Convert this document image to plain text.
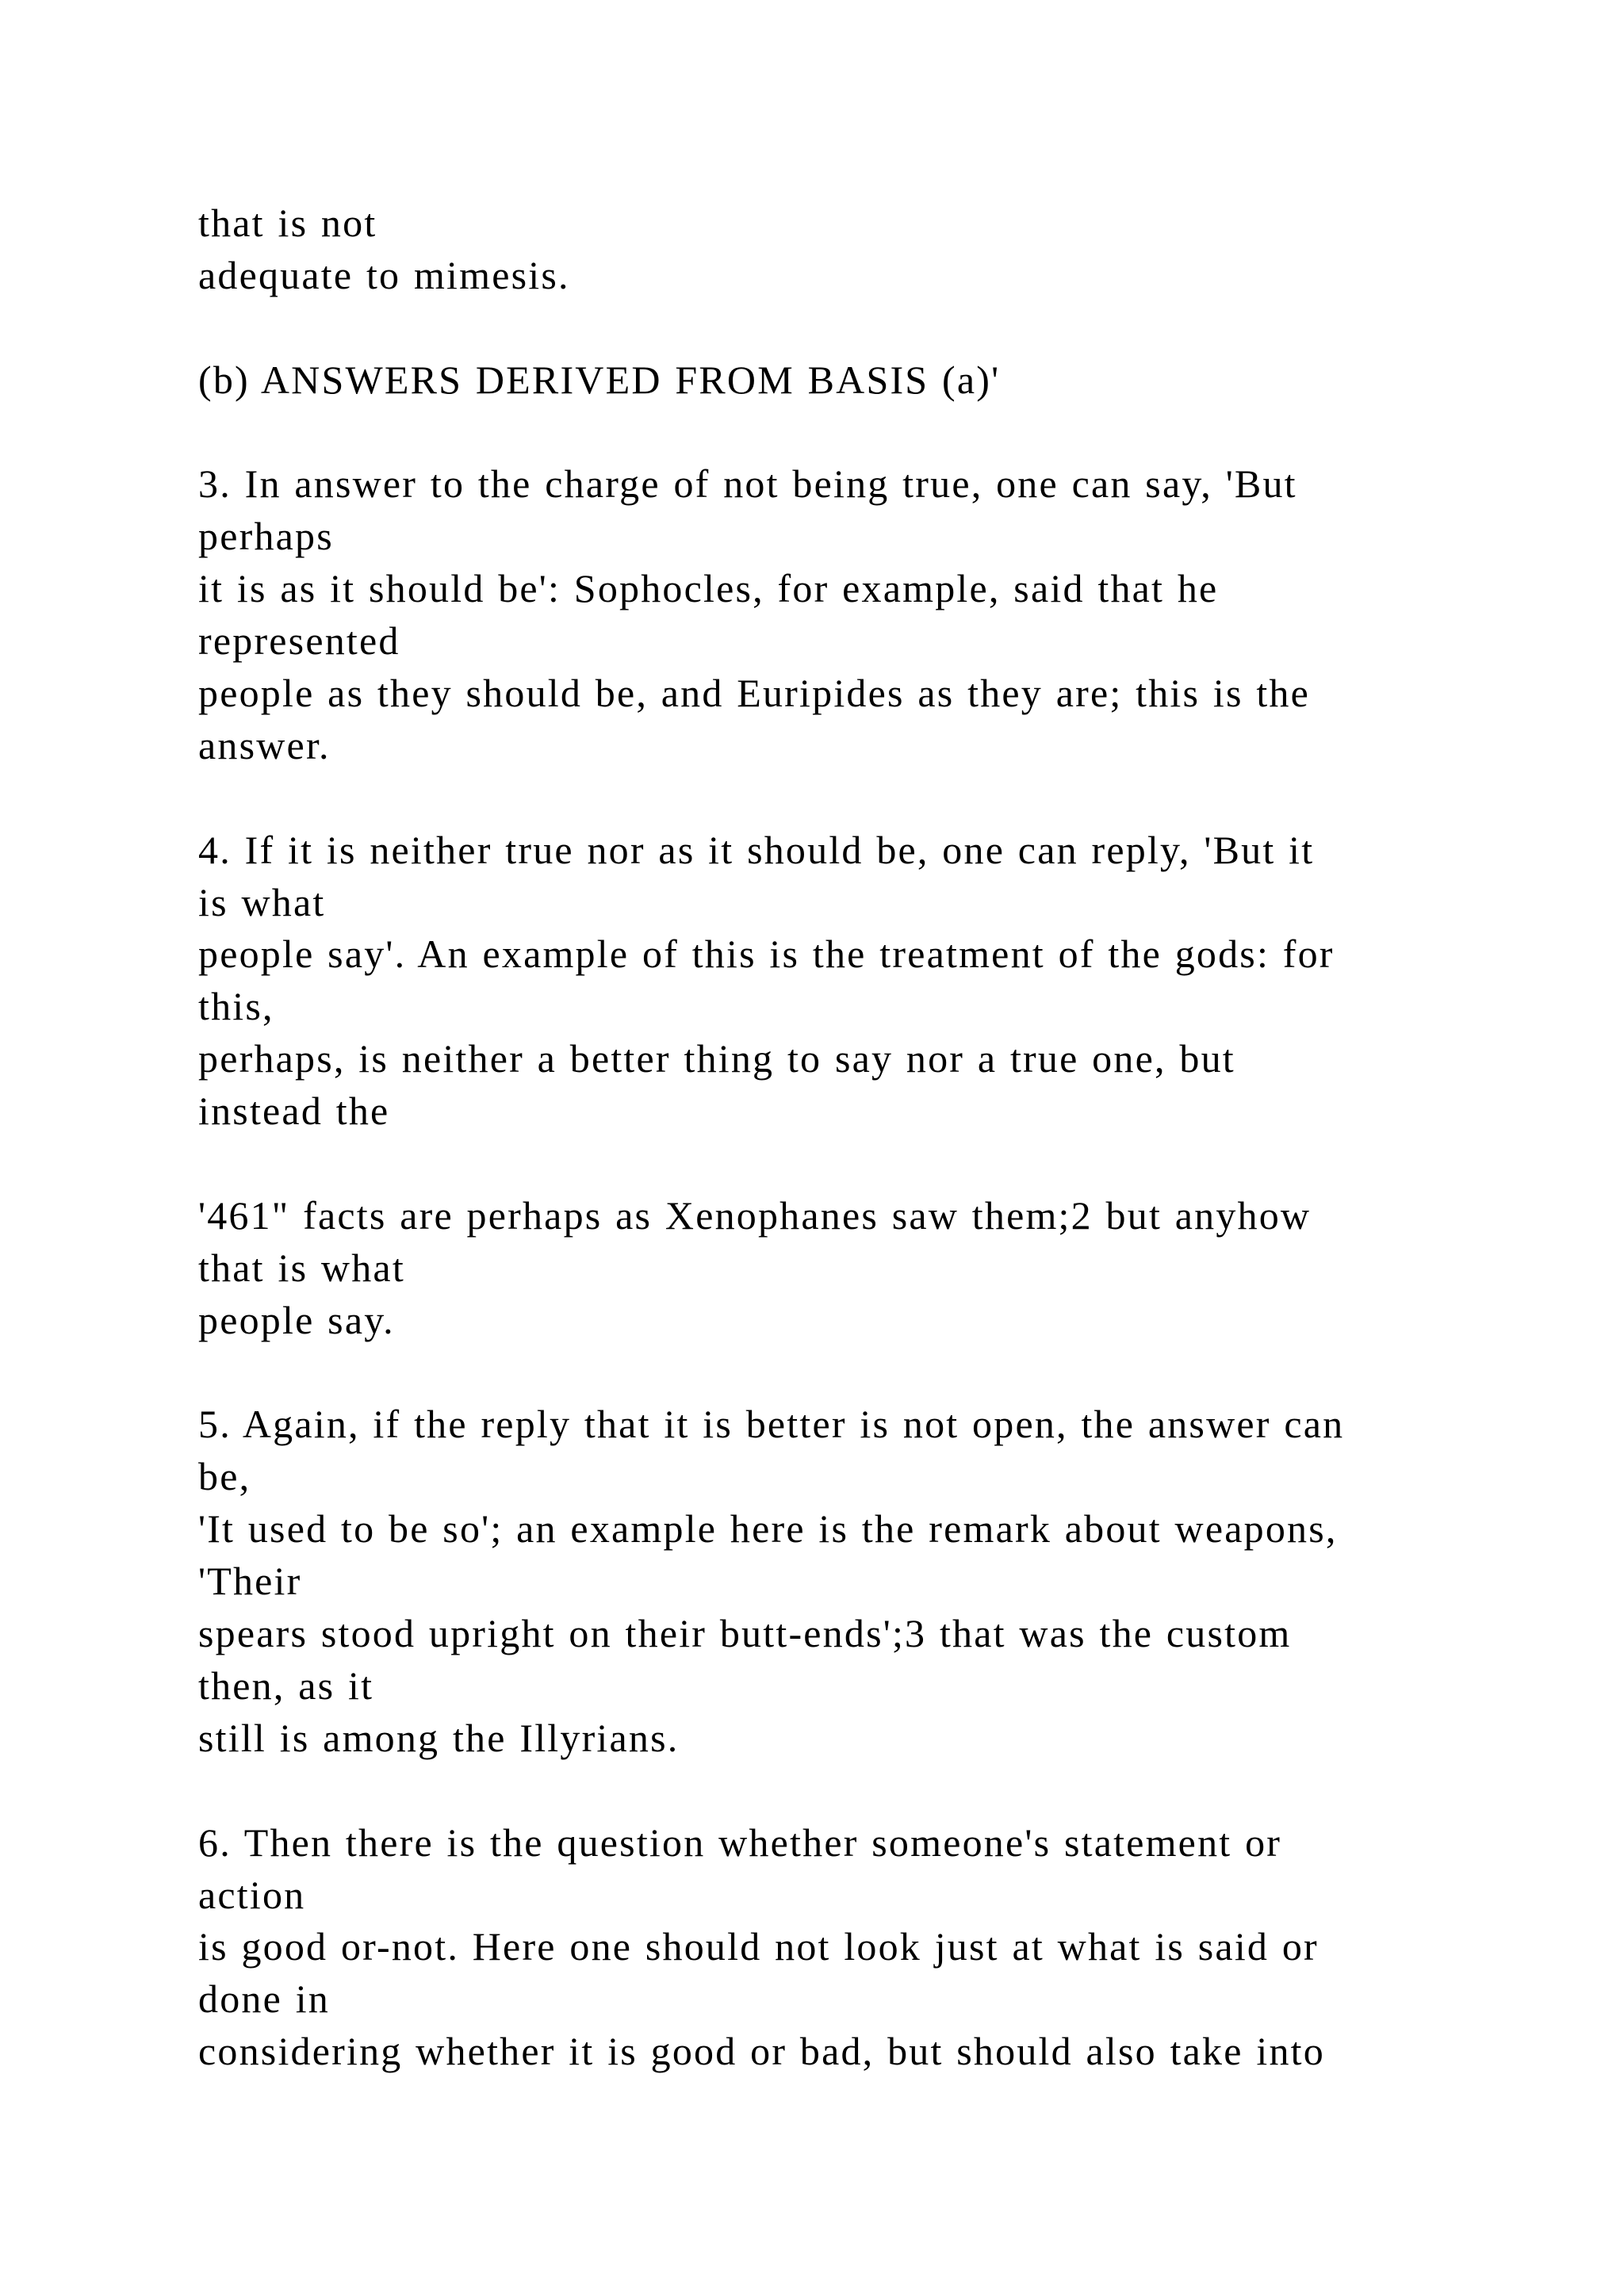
that is not
adequate to mimesis.
(b) ANSWERS DERIVED FROM BASIS (a)'
3. In answer to the charge of not being true, one can say, 'But
perhaps
it is as it should be': Sophocles, for example, said that he
represented
people as they should be, and Euripides as they are; this is the
answer.
4. If it is neither true nor as it should be, one can reply, 'But it
is what
people say'. An example of this is the treatment of the gods: for
this,
perhaps, is neither a better thing to say nor a true one, but
instead the
'461" facts are perhaps as Xenophanes saw them;2 but anyhow
that is what
people say.
5. Again, if the reply that it is better is not open, the answer can
be,
'It used to be so'; an example here is the remark about weapons,
'Their
spears stood upright on their butt-ends';3 that was the custom
then, as it
still is among the Illyrians.
6. Then there is the question whether someone's statement or
action
is good or-not. Here one should not look just at what is said or
done in
considering whether it is good or bad, but should also take into
